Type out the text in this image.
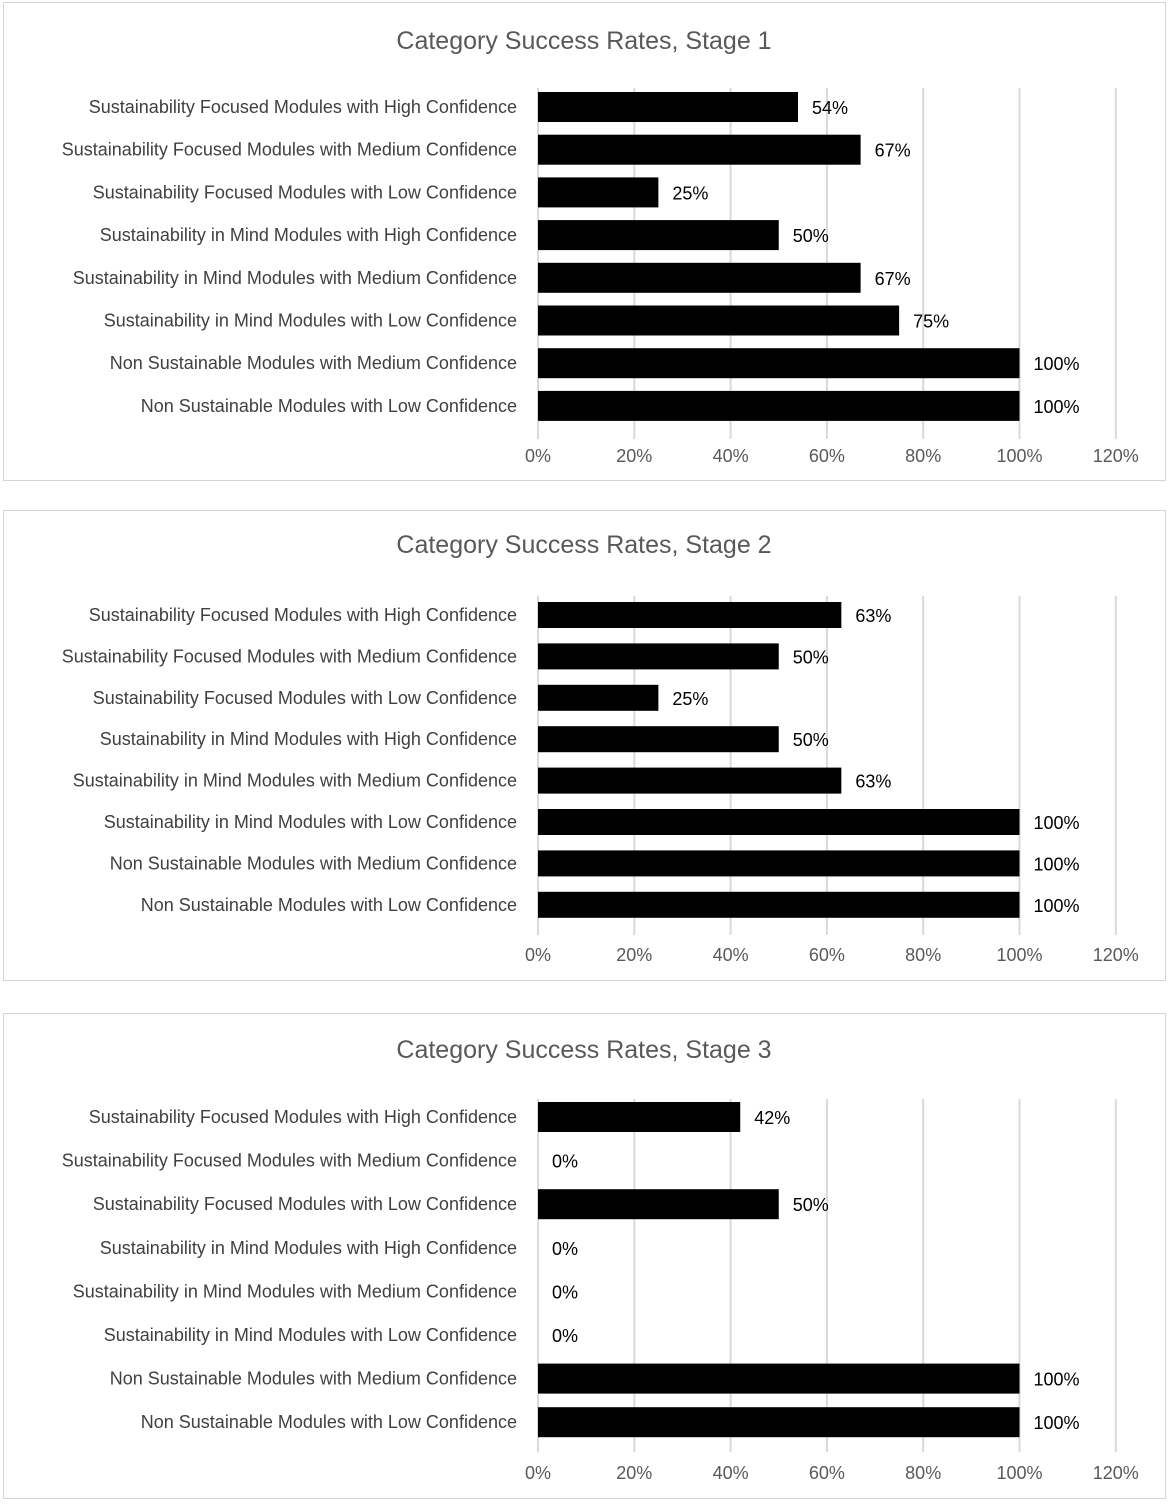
Category Success Rates, Stage 1
0%	20%	40%	60%	80%	100%	120%
Sustainability Focused Modules with High Confidence	54%
Sustainability Focused Modules with Medium Confidence	67%
Sustainability Focused Modules with Low Confidence	25%
Sustainability in Mind Modules with High Confidence	50%
Sustainability in Mind Modules with Medium Confidence	67%
Sustainability in Mind Modules with Low Confidence	75%
Non Sustainable Modules with Medium Confidence	100%
Non Sustainable Modules with Low Confidence	100%
Category Success Rates, Stage 2
0%	20%	40%	60%	80%	100%	120%
Sustainability Focused Modules with High Confidence	63%
Sustainability Focused Modules with Medium Confidence	50%
Sustainability Focused Modules with Low Confidence	25%
Sustainability in Mind Modules with High Confidence	50%
Sustainability in Mind Modules with Medium Confidence	63%
Sustainability in Mind Modules with Low Confidence	100%
Non Sustainable Modules with Medium Confidence	100%
Non Sustainable Modules with Low Confidence	100%
Category Success Rates, Stage 3
0%	20%	40%	60%	80%	100%	120%
Sustainability Focused Modules with High Confidence	42%
Sustainability Focused Modules with Medium Confidence 0%
Sustainability Focused Modules with Low Confidence	50%
Sustainability in Mind Modules with High Confidence 0%
Sustainability in Mind Modules with Medium Confidence 0%
Sustainability in Mind Modules with Low Confidence 0%
Non Sustainable Modules with Medium Confidence	100%
Non Sustainable Modules with Low Confidence	100%
